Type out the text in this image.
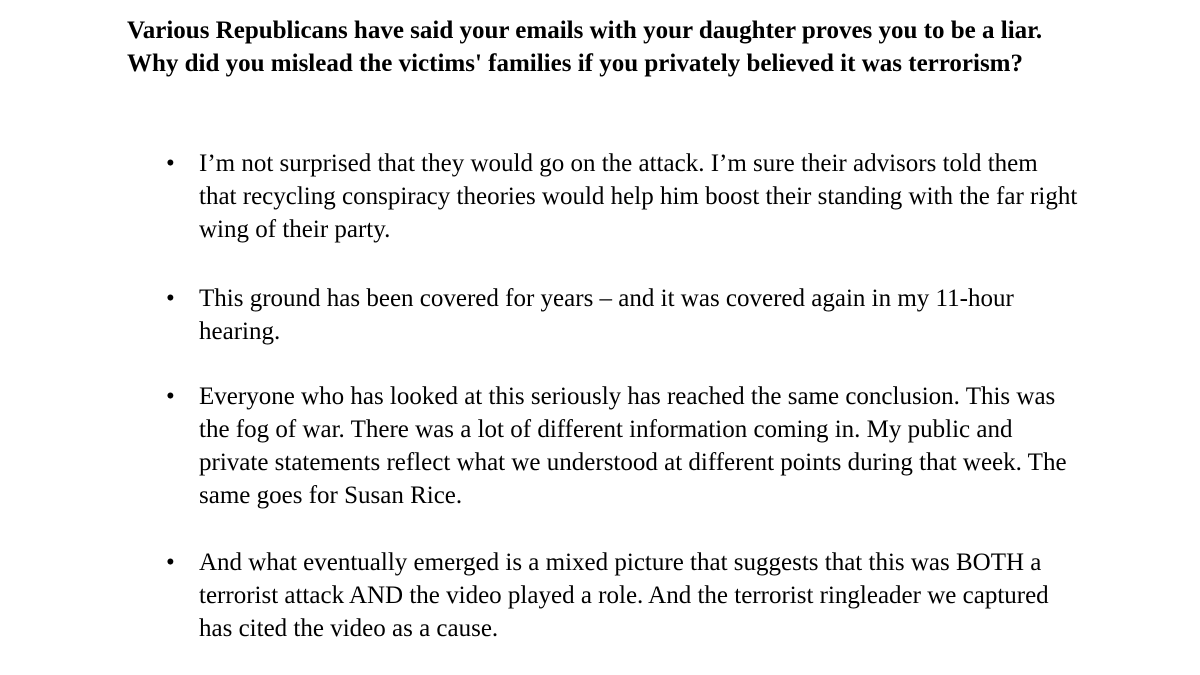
Various Republicans have said your emails with your daughter proves you to be a liar. Why did you mislead the victims' families if you privately believed it was terrorism?

• I’m not surprised that they would go on the attack. I’m sure their advisors told them that recycling conspiracy theories would help him boost their standing with the far right wing of their party.

• This ground has been covered for years – and it was covered again in my 11-hour hearing.

• Everyone who has looked at this seriously has reached the same conclusion. This was the fog of war. There was a lot of different information coming in. My public and private statements reflect what we understood at different points during that week. The same goes for Susan Rice.

• And what eventually emerged is a mixed picture that suggests that this was BOTH a terrorist attack AND the video played a role. And the terrorist ringleader we captured has cited the video as a cause.
